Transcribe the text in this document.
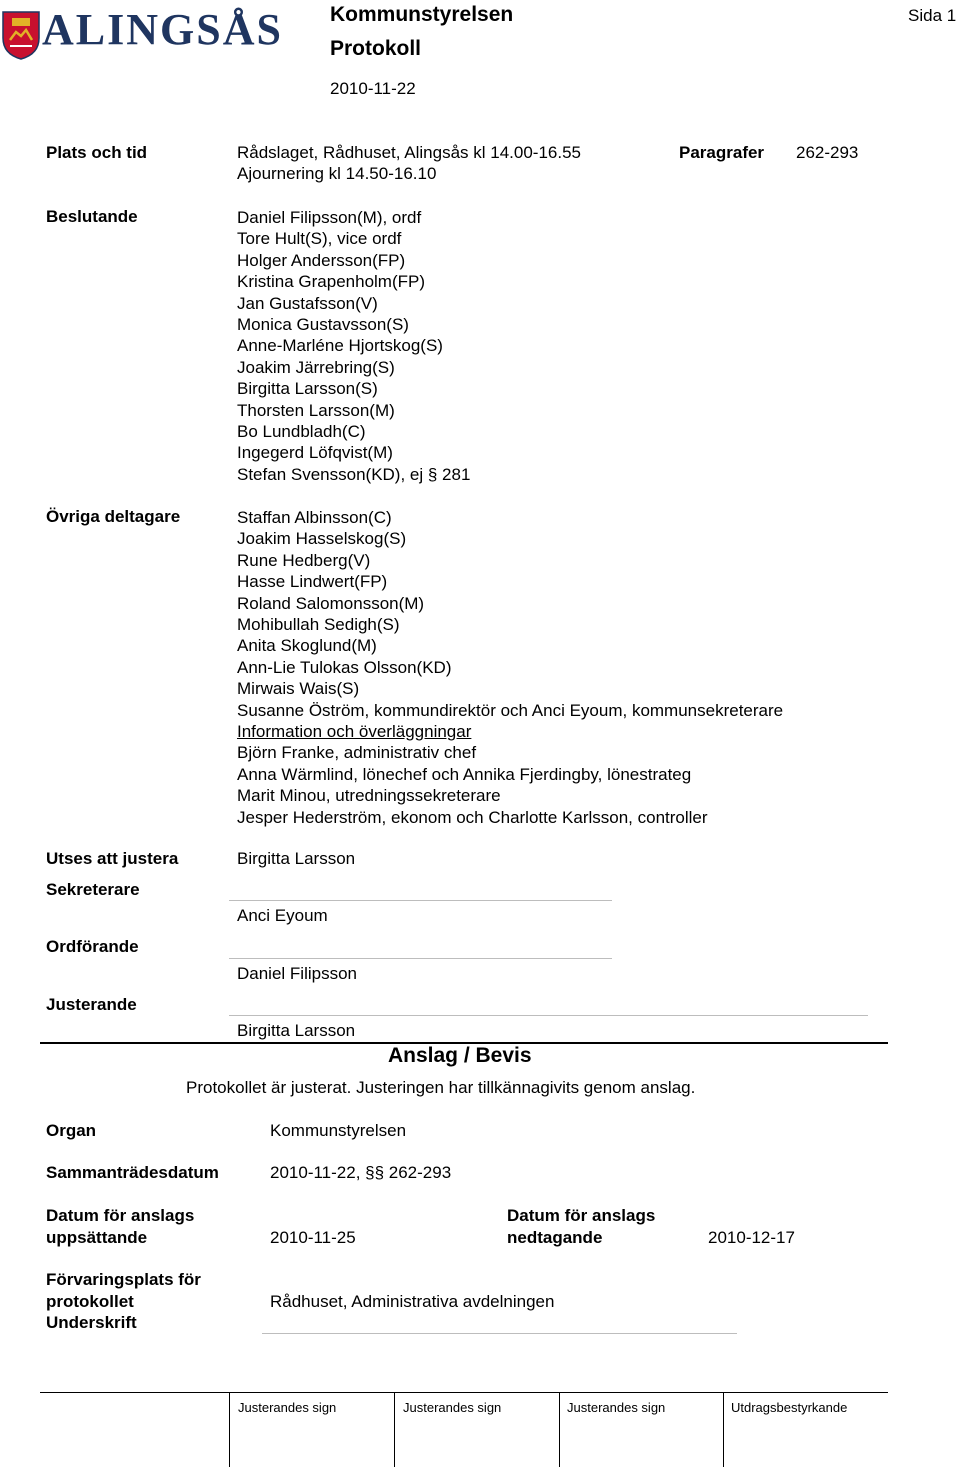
ALINGSÅS Kommunstyrelsen
Protokoll
2010-11-22
Sida 1
Plats och tid	Rådslaget, Rådhuset, Alingsås kl 14.00-16.55
Ajournering kl 14.50-16.10
Paragrafer 262-293
Beslutande	Daniel Filipsson(M), ordf
Tore Hult(S), vice ordf
Holger Andersson(FP)
Kristina Grapenholm(FP)
Jan Gustafsson(V)
Monica Gustavsson(S)
Anne-Marléne Hjortskog(S)
Joakim Järrebring(S)
Birgitta Larsson(S)
Thorsten Larsson(M)
Bo Lundbladh(C)
Ingegerd Löfqvist(M)
Stefan Svensson(KD), ej § 281
Övriga deltagare	Staffan Albinsson(C)
Joakim Hasselskog(S)
Rune Hedberg(V)
Hasse Lindwert(FP)
Roland Salomonsson(M)
Mohibullah Sedigh(S)
Anita Skoglund(M)
Ann-Lie Tulokas Olsson(KD)
Mirwais Wais(S)
Susanne Öström, kommundirektör och Anci Eyoum, kommunsekreterare
Information och överläggningar
Björn Franke, administrativ chef
Anna Wärmlind, lönechef och Annika Fjerdingby, lönestrateg
Marit Minou, utredningssekreterare
Jesper Hederström, ekonom och Charlotte Karlsson, controller
Utses att justera	Birgitta Larsson
Sekreterare
Anci Eyoum
Ordförande
Daniel Filipsson
Justerande
Birgitta Larsson
Anslag / Bevis
Protokollet är justerat. Justeringen har tillkännagivits genom anslag.
Organ	Kommunstyrelsen
Sammanträdesdatum	2010-11-22, §§ 262-293
Datum för anslags
uppsättande	2010-11-25
Datum för anslags
nedtagande	2010-12-17
Förvaringsplats för
protokollet	Rådhuset, Administrativa avdelningen
Underskrift
Justerandes sign	Justerandes sign	Justerandes sign	Utdragsbestyrkande
